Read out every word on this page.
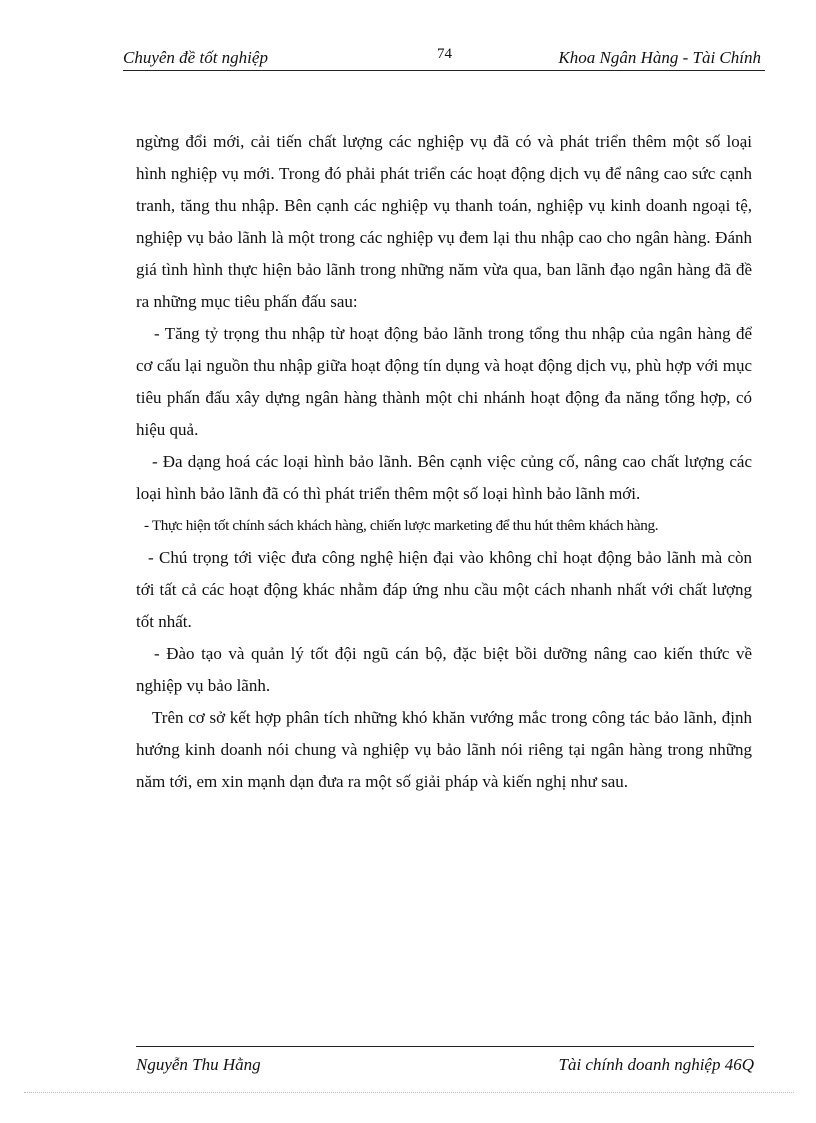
Chuyên đề tốt nghiệp	74	Khoa Ngân Hàng - Tài Chính

ngừng đổi mới, cải tiến chất lượng các nghiệp vụ đã có và phát triển thêm một số loại hình nghiệp vụ mới. Trong đó phải phát triển các hoạt động dịch vụ để nâng cao sức cạnh tranh, tăng thu nhập. Bên cạnh các nghiệp vụ thanh toán, nghiệp vụ kinh doanh ngoại tệ, nghiệp vụ bảo lãnh là một trong các nghiệp vụ đem lại thu nhập cao cho ngân hàng. Đánh giá tình hình thực hiện bảo lãnh trong những năm vừa qua, ban lãnh đạo ngân hàng đã đề ra những mục tiêu phấn đấu sau:

- Tăng tỷ trọng thu nhập từ hoạt động bảo lãnh trong tổng thu nhập của ngân hàng để cơ cấu lại nguồn thu nhập giữa hoạt động tín dụng và hoạt động dịch vụ, phù hợp với mục tiêu phấn đấu xây dựng ngân hàng thành một chi nhánh hoạt động đa năng tổng hợp, có hiệu quả.

- Đa dạng hoá các loại hình bảo lãnh. Bên cạnh việc củng cố, nâng cao chất lượng các loại hình bảo lãnh đã có thì phát triển thêm một số loại hình bảo lãnh mới.

- Thực hiện tốt chính sách khách hàng, chiến lược marketing để thu hút thêm khách hàng.

- Chú trọng tới việc đưa công nghệ hiện đại vào không chỉ hoạt động bảo lãnh mà còn tới tất cả các hoạt động khác nhằm đáp ứng nhu cầu một cách nhanh nhất với chất lượng tốt nhất.

- Đào tạo và quản lý tốt đội ngũ cán bộ, đặc biệt bồi dưỡng nâng cao kiến thức về nghiệp vụ bảo lãnh.

Trên cơ sở kết hợp phân tích những khó khăn vướng mắc trong công tác bảo lãnh, định hướng kinh doanh nói chung và nghiệp vụ bảo lãnh nói riêng tại ngân hàng trong những năm tới, em xin mạnh dạn đưa ra một số giải pháp và kiến nghị như sau.

Nguyễn Thu Hằng	Tài chính doanh nghiệp 46Q
